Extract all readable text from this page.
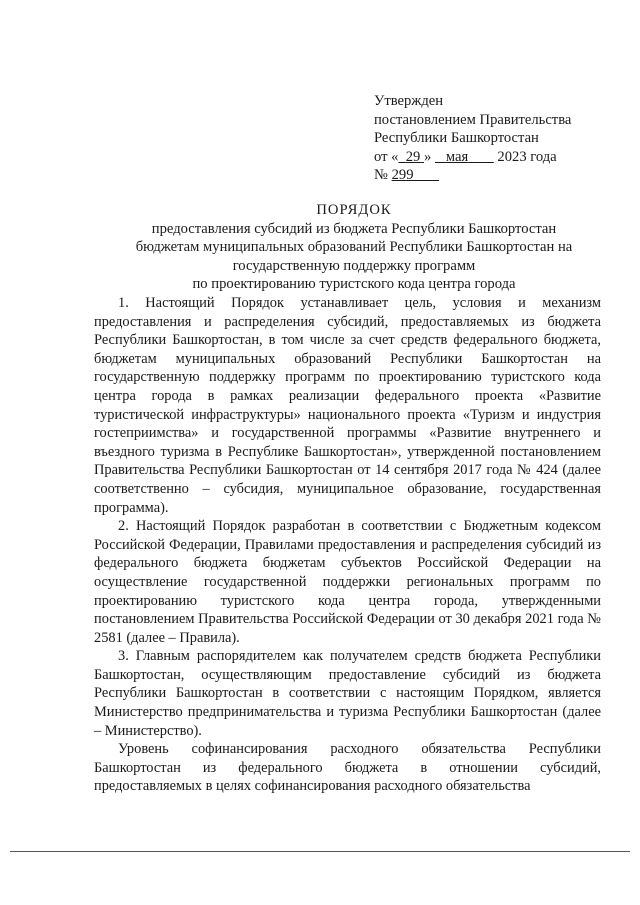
Утвержден
постановлением Правительства
Республики Башкортостан
от « 29 » мая 2023 года
№ 299
ПОРЯДОК
предоставления субсидий из бюджета Республики Башкортостан
бюджетам муниципальных образований Республики Башкортостан на
государственную поддержку программ
по проектированию туристского кода центра города

1. Настоящий Порядок устанавливает цель, условия и механизм предоставления и распределения субсидий, предоставляемых из бюджета Республики Башкортостан, в том числе за счет средств федерального бюджета, бюджетам муниципальных образований Республики Башкортостан на государственную поддержку программ по проектированию туристского кода центра города в рамках реализации федерального проекта «Развитие туристической инфраструктуры» национального проекта «Туризм и индустрия гостеприимства» и государственной программы «Развитие внутреннего и въездного туризма в Республике Башкортостан», утвержденной постановлением Правительства Республики Башкортостан от 14 сентября 2017 года № 424 (далее соответственно – субсидия, муниципальное образование, государственная программа).

2. Настоящий Порядок разработан в соответствии с Бюджетным кодексом Российской Федерации, Правилами предоставления и распределения субсидий из федерального бюджета бюджетам субъектов Российской Федерации на осуществление государственной поддержки региональных программ по проектированию туристского кода центра города, утвержденными постановлением Правительства Российской Федерации от 30 декабря 2021 года № 2581 (далее – Правила).

3. Главным распорядителем как получателем средств бюджета Республики Башкортостан, осуществляющим предоставление субсидий из бюджета Республики Башкортостан в соответствии с настоящим Порядком, является Министерство предпринимательства и туризма Республики Башкортостан (далее – Министерство).

Уровень софинансирования расходного обязательства Республики Башкортостан из федерального бюджета в отношении субсидий, предоставляемых в целях софинансирования расходного обязательства
